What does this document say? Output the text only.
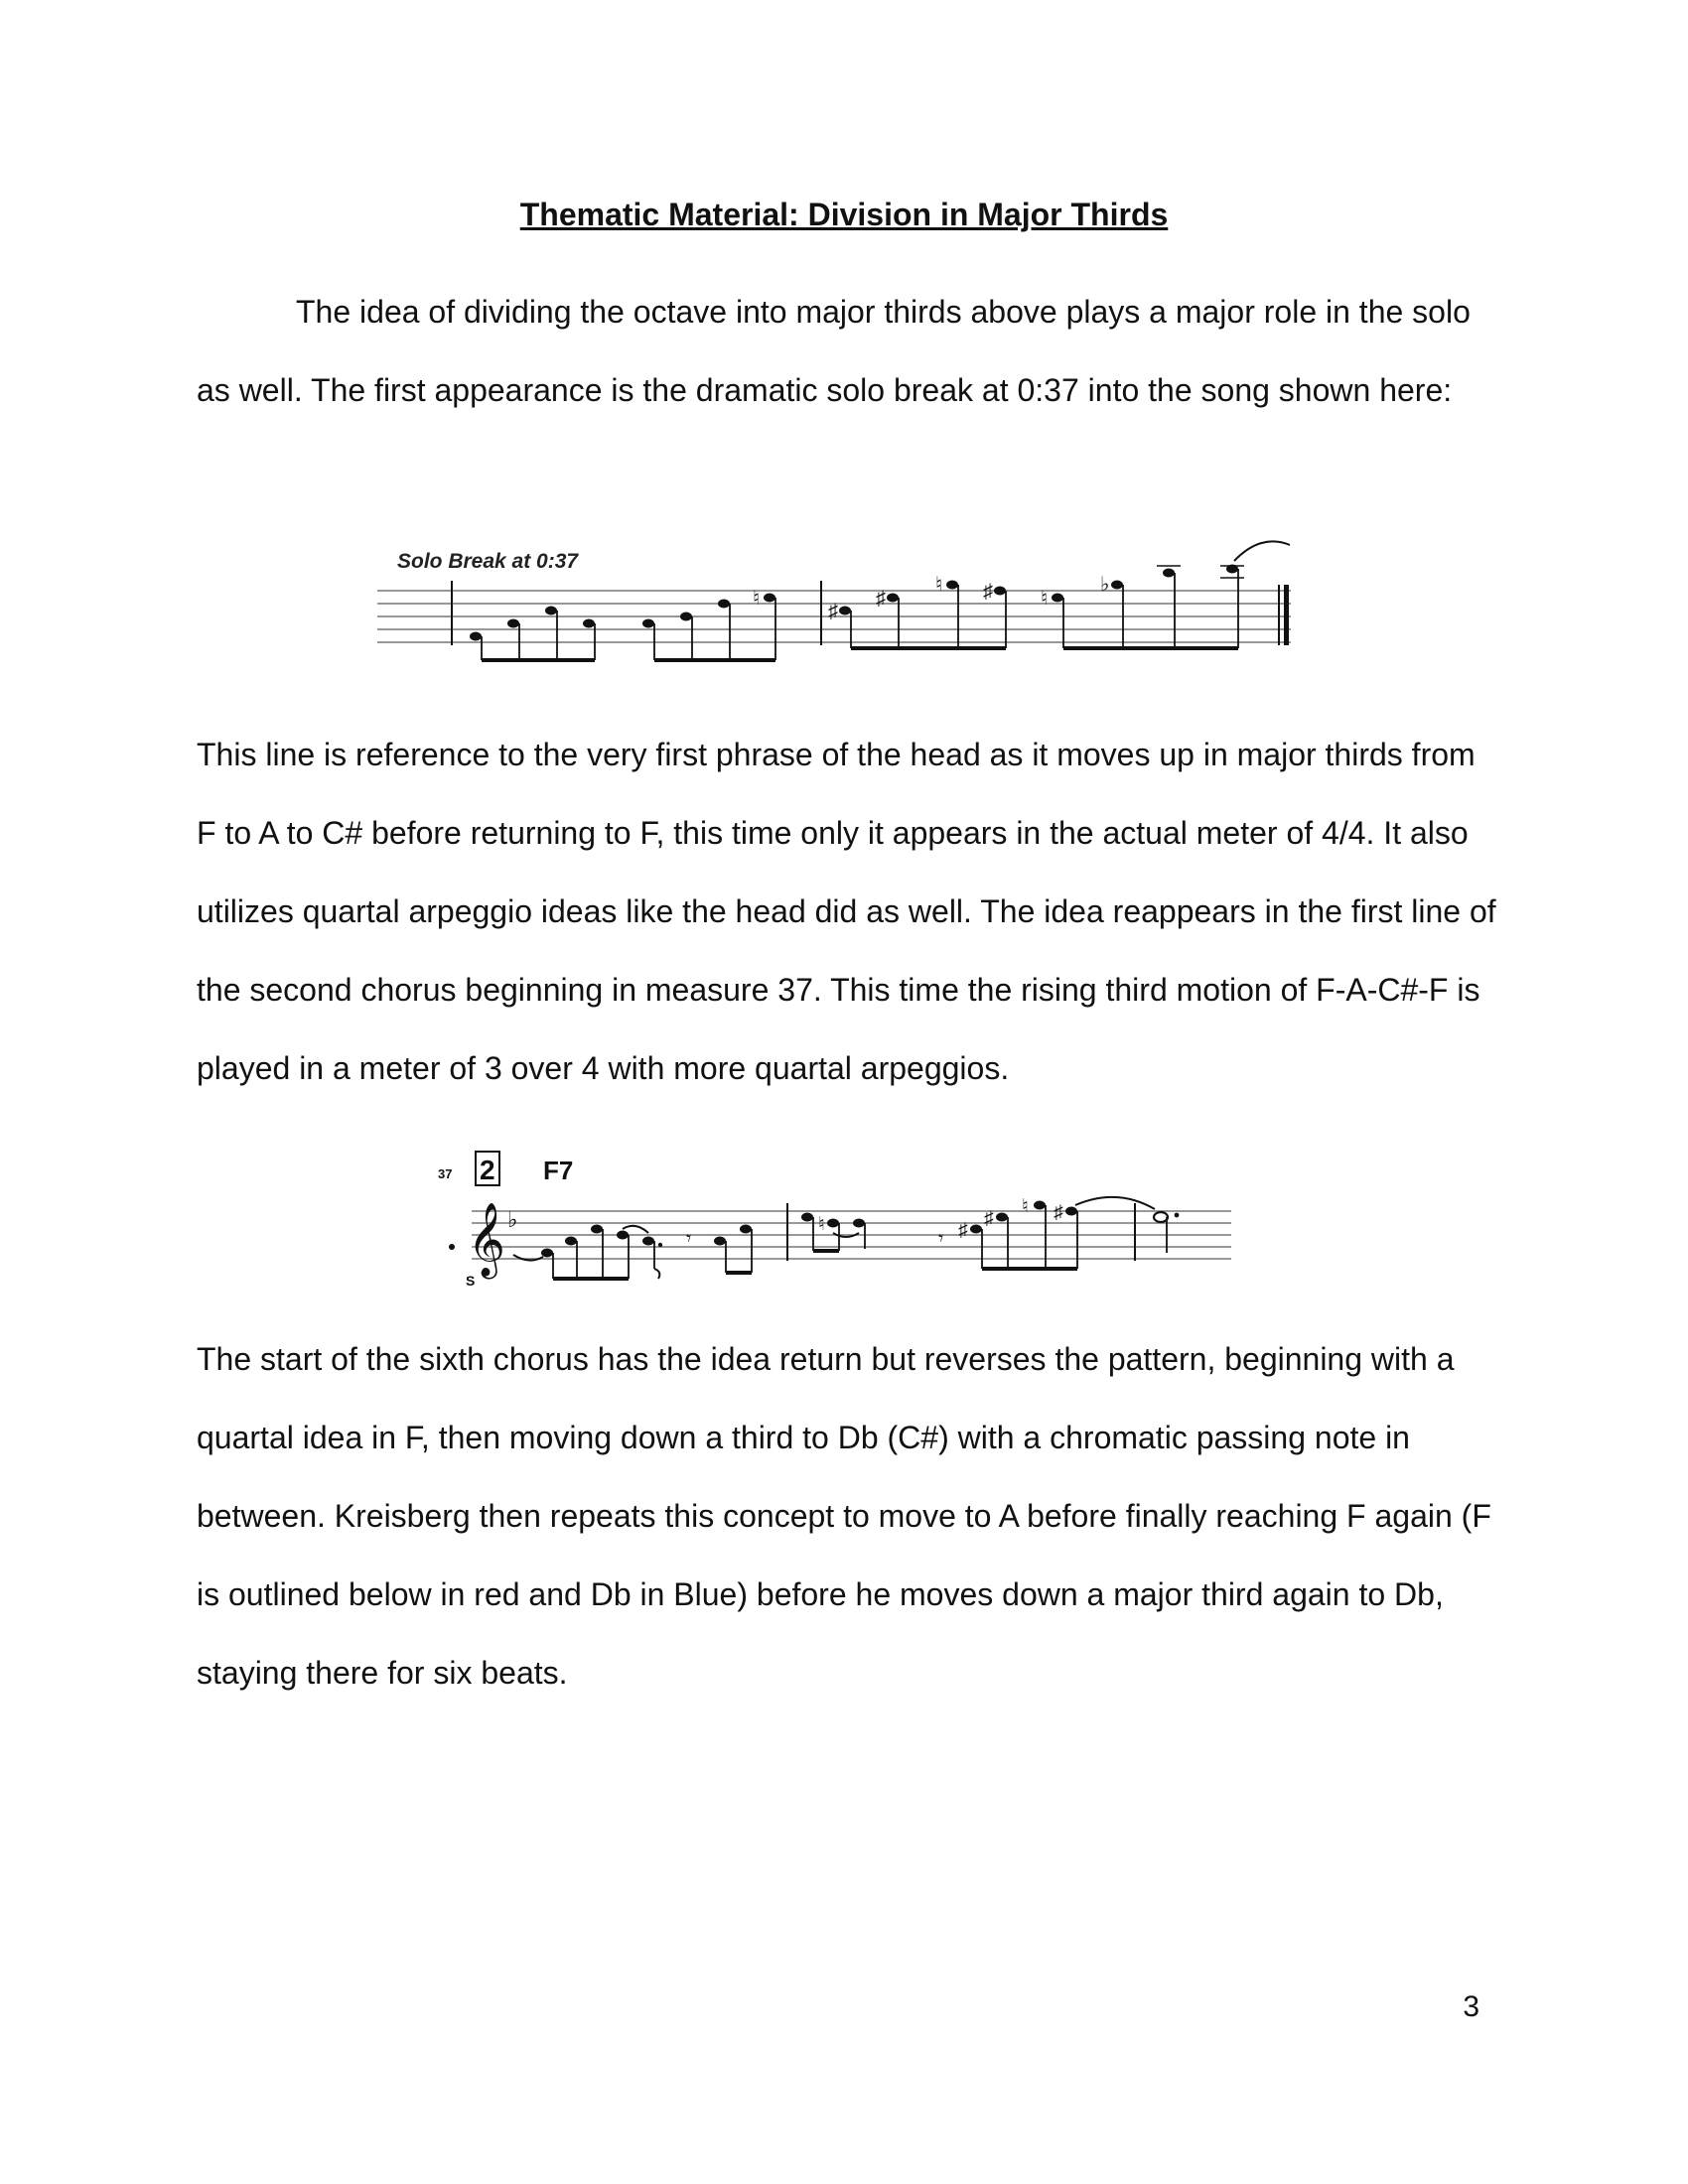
Thematic Material: Division in Major Thirds

The idea of dividing the octave into major thirds above plays a major role in the solo as well. The first appearance is the dramatic solo break at 0:37 into the song shown here:

Solo Break at 0:37
♮
♯
♯
♮ ♯ ♮
♭

This line is reference to the very first phrase of the head as it moves up in major thirds from F to A to C# before returning to F, this time only it appears in the actual meter of 4/4. It also utilizes quartal arpeggio ideas like the head did as well. The idea reappears in the first line of the second chorus beginning in measure 37. This time the rising third motion of F-A-C#-F is played in a meter of 3 over 4 with more quartal arpeggios.

37 2 F7
𝄞 ♭
S
𝄾	𝄾
♮	♯
♯
♮ ♯

The start of the sixth chorus has the idea return but reverses the pattern, beginning with a quartal idea in F, then moving down a third to Db (C#) with a chromatic passing note in between. Kreisberg then repeats this concept to move to A before finally reaching F again (F is outlined below in red and Db in Blue) before he moves down a major third again to Db, staying there for six beats.

3
